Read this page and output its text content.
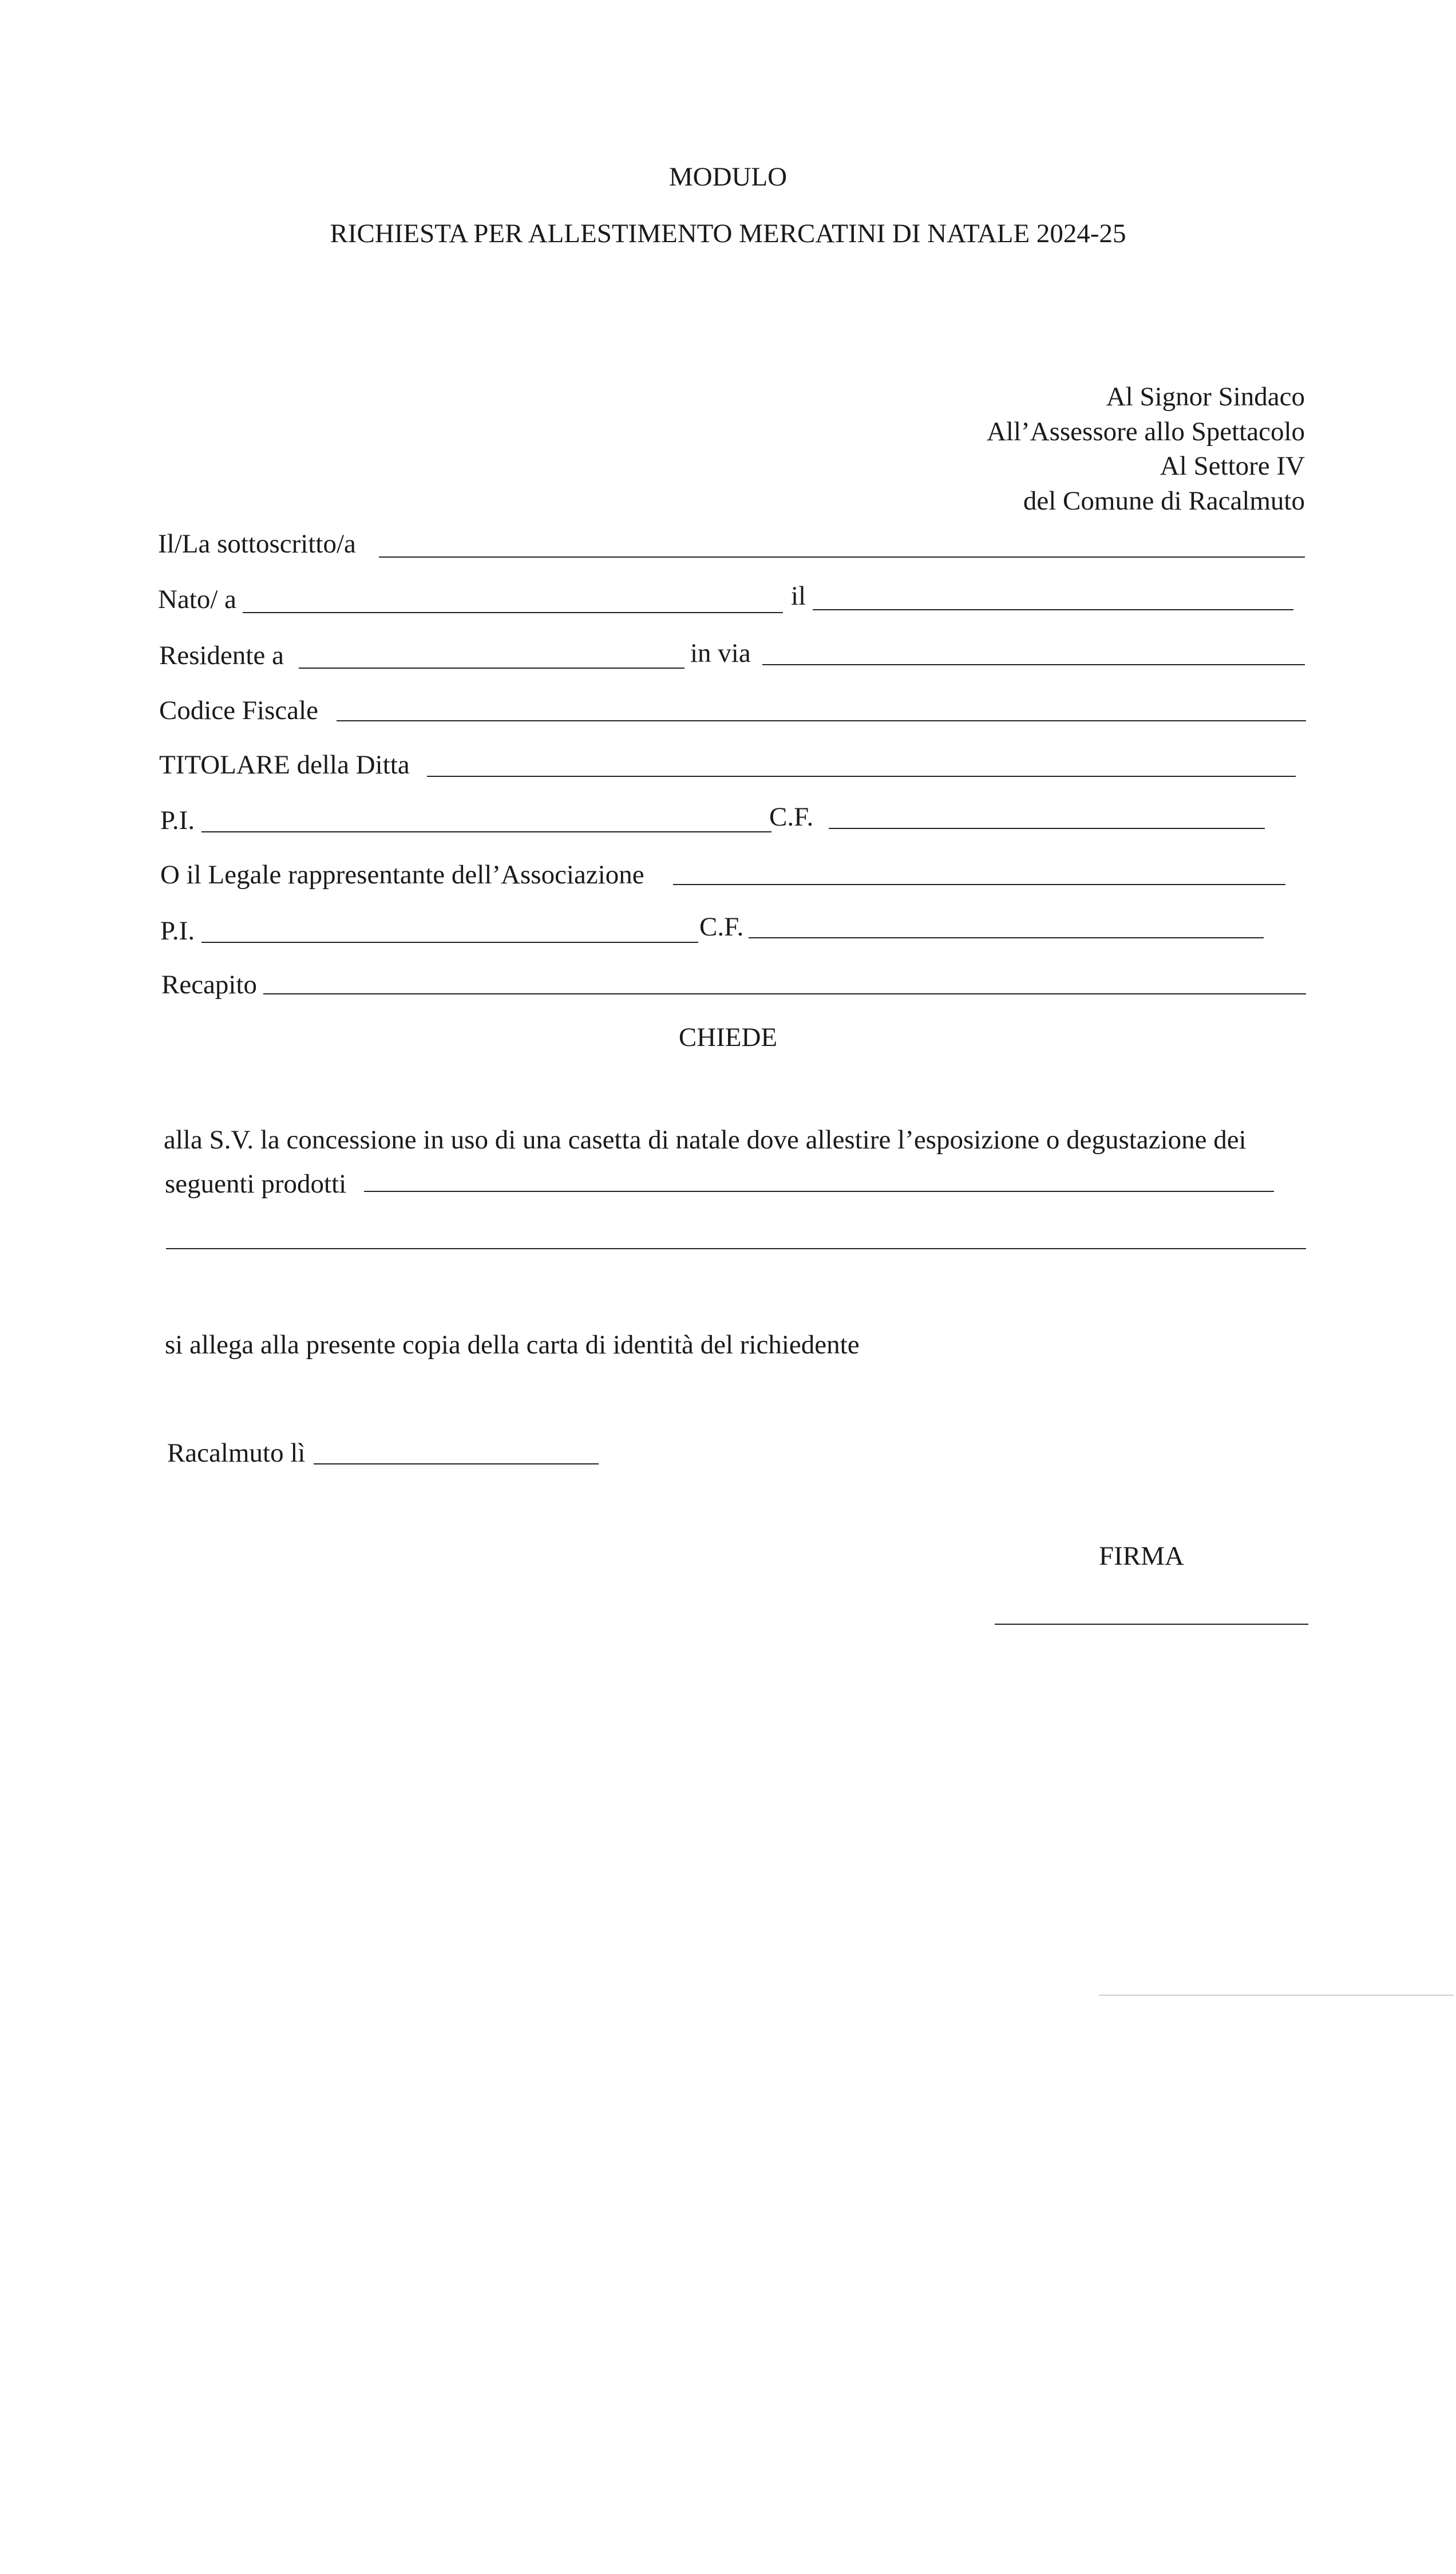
MODULO
RICHIESTA PER ALLESTIMENTO MERCATINI DI NATALE 2024-25
Al Signor Sindaco
All’Assessore allo Spettacolo
Al Settore IV
del Comune di Racalmuto
Il/La sottoscritto/a
Nato/ a	il
Residente a	in via
Codice Fiscale
TITOLARE della Ditta
P.I.	C.F.
O il Legale rappresentante dell’Associazione
P.I.	C.F.
Recapito
CHIEDE
alla S.V. la concessione in uso di una casetta di natale dove allestire l’esposizione o degustazione dei
seguenti prodotti
si allega alla presente copia della carta di identità del richiedente
Racalmuto lì
FIRMA
